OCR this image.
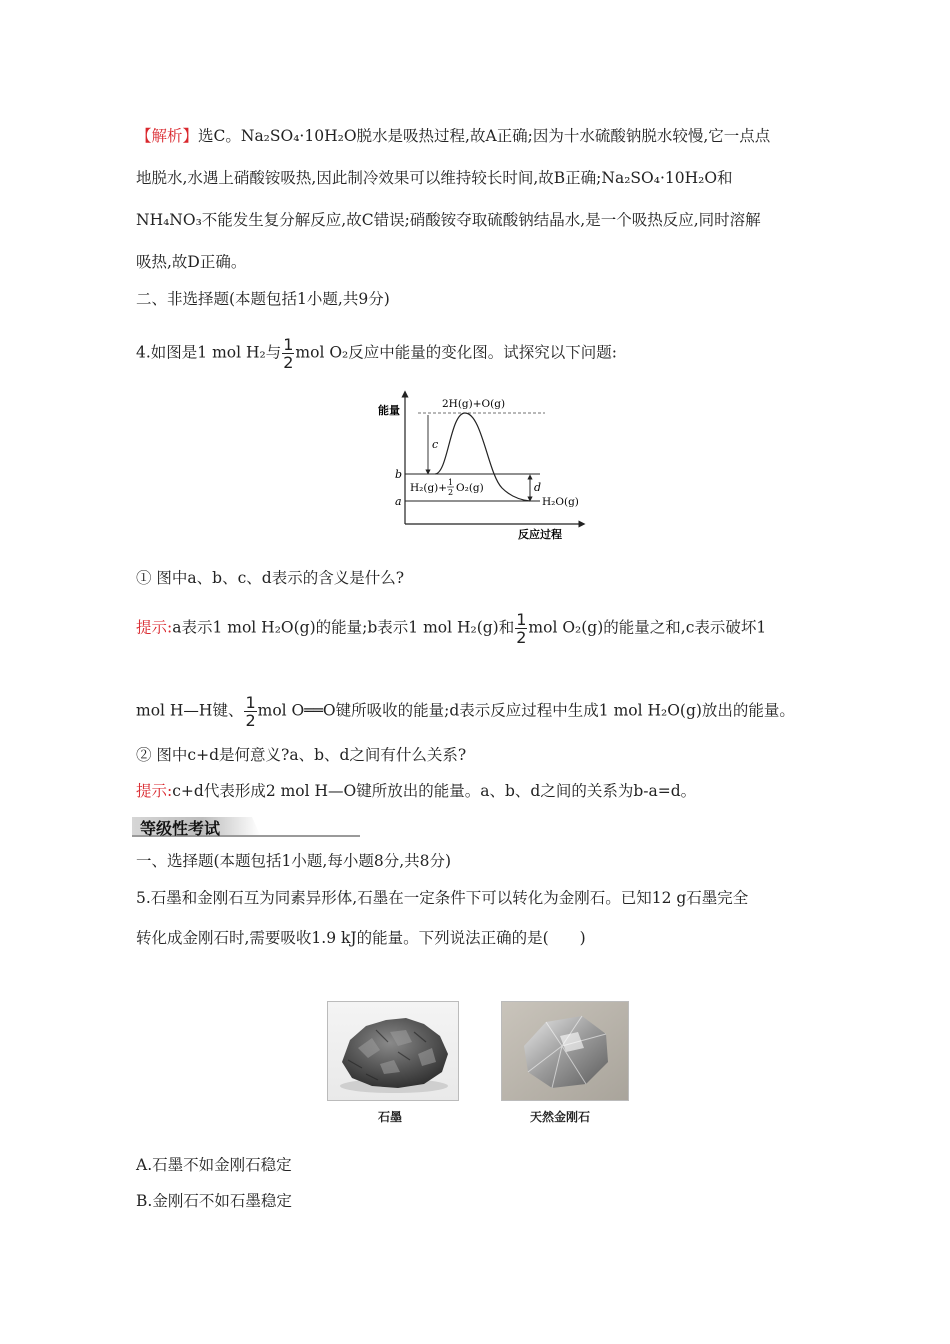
【解析】选C。Na₂SO₄·10H₂O脱水是吸热过程,故A正确;因为十水硫酸钠脱水较慢,它一点点
地脱水,水遇上硝酸铵吸热,因此制冷效果可以维持较长时间,故B正确;Na₂SO₄·10H₂O和
NH₄NO₃不能发生复分解反应,故C错误;硝酸铵夺取硫酸钠结晶水,是一个吸热反应,同时溶解
吸热,故D正确。
二、非选择题(本题包括1小题,共9分)
4.如图是1 mol H₂与 $\frac{1}{2}$ mol O₂反应中能量的变化图。试探究以下问题:
能量
反应过程
2H(g)+O(g)
b
a
c
d
H₂(g)+ 1
2 O₂(g)
H₂O(g)
① 图中a、b、c、d表示的含义是什么?
提示:a表示1 mol H₂O(g)的能量;b表示1 mol H₂(g)和 $\frac{1}{2}$ mol O₂(g)的能量之和,c表示破坏1
mol H—H键、 $\frac{1}{2}$ mol O══O键所吸收的能量;d表示反应过程中生成1 mol H₂O(g)放出的能量。
② 图中c+d是何意义?a、b、d之间有什么关系?
提示:c+d代表形成2 mol H—O键所放出的能量。a、b、d之间的关系为b-a=d。
等级性考试
一、选择题(本题包括1小题,每小题8分,共8分)
5.石墨和金刚石互为同素异形体,石墨在一定条件下可以转化为金刚石。已知12 g石墨完全
转化成金刚石时,需要吸收1.9 kJ的能量。下列说法正确的是(　　)
石墨	天然金刚石
A.石墨不如金刚石稳定
B.金刚石不如石墨稳定
